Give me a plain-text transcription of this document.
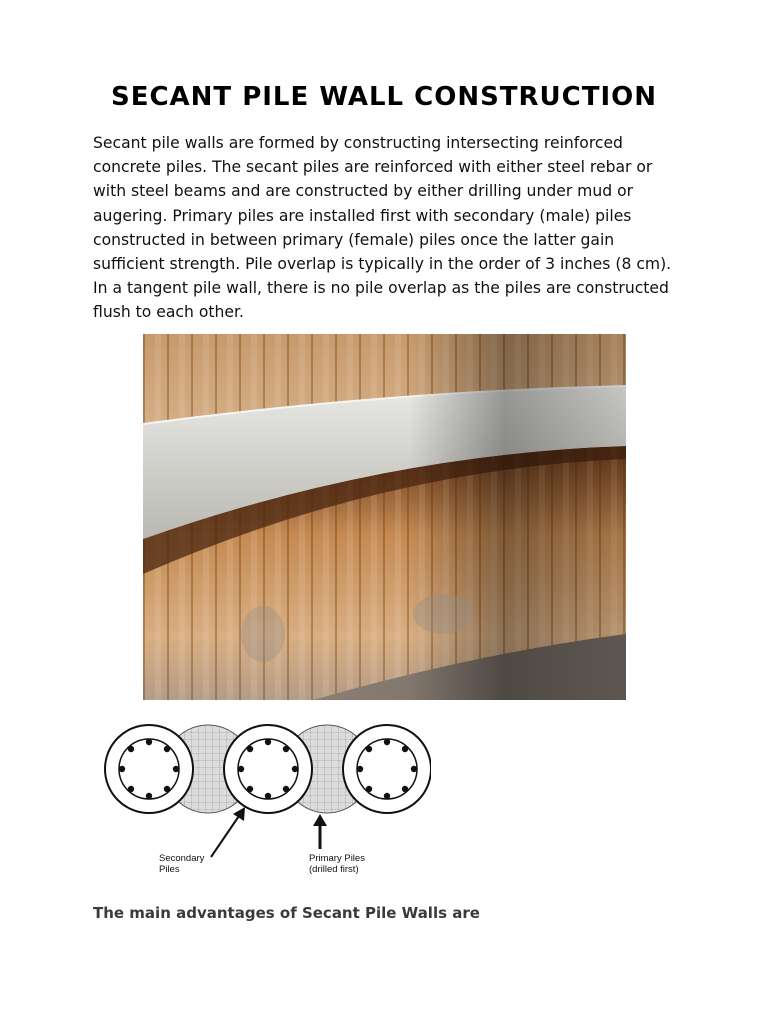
SECANT PILE WALL CONSTRUCTION

Secant pile walls are formed by constructing intersecting reinforced concrete piles. The secant piles are reinforced with either steel rebar or with steel beams and are constructed by either drilling under mud or augering. Primary piles are installed first with secondary (male) piles constructed in between primary (female) piles once the latter gain sufficient strength. Pile overlap is typically in the order of 3 inches (8 cm). In a tangent pile wall, there is no pile overlap as the piles are constructed flush to each other.

Secondary
Piles
Primary Piles
(drilled first)

The main advantages of Secant Pile Walls are
